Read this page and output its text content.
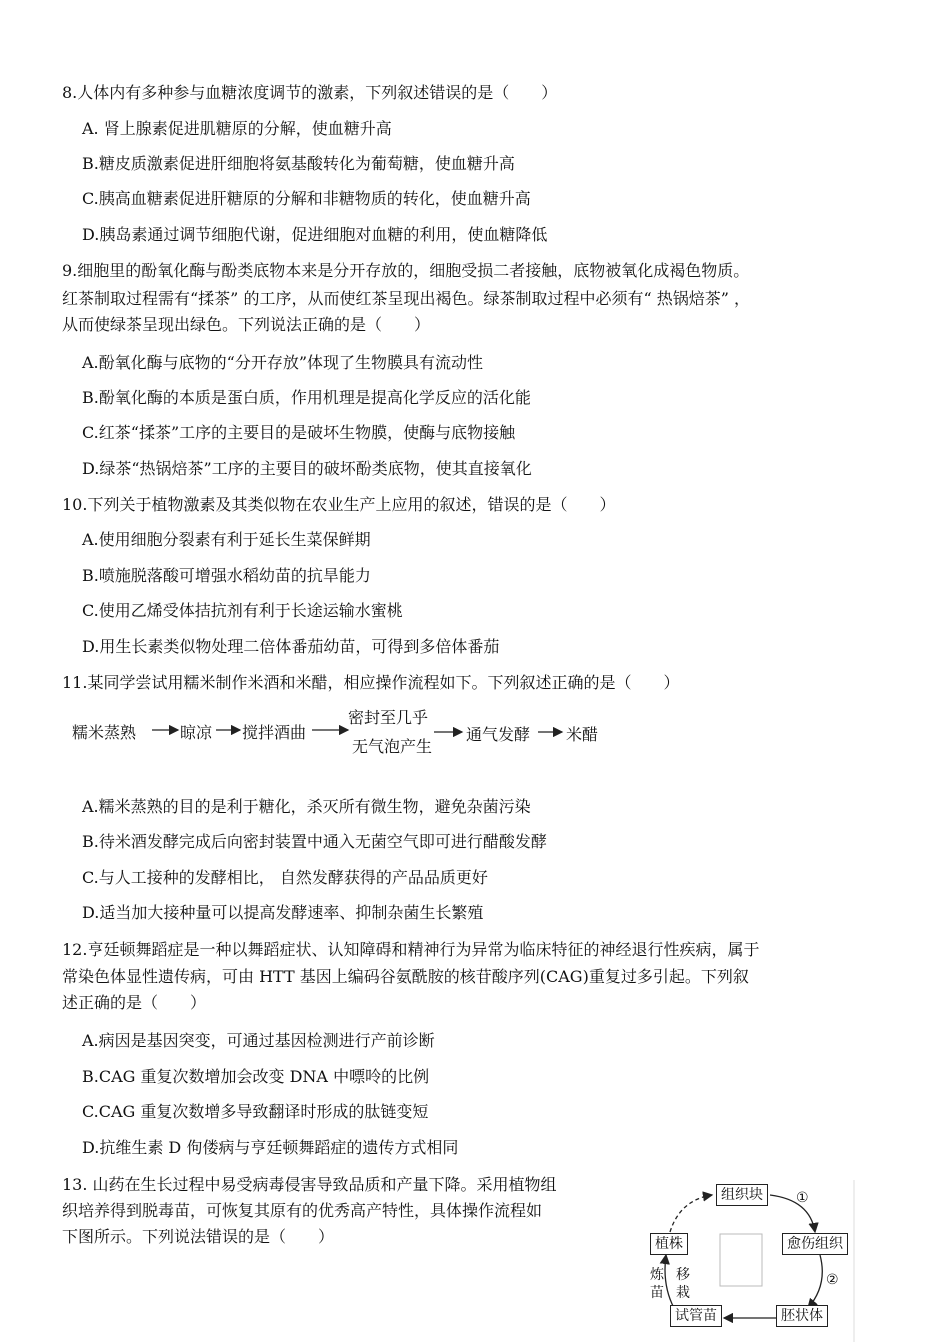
8.人体内有多种参与血糖浓度调节的激素，下列叙述错误的是（　　）
A. 肾上腺素促进肌糖原的分解，使血糖升高
B.糖皮质激素促进肝细胞将氨基酸转化为葡萄糖，使血糖升高
C.胰高血糖素促进肝糖原的分解和非糖物质的转化，使血糖升高
D.胰岛素通过调节细胞代谢，促进细胞对血糖的利用，使血糖降低
9.细胞里的酚氧化酶与酚类底物本来是分开存放的，细胞受损二者接触，底物被氧化成褐色物质。
红茶制取过程需有“揉茶” 的工序，从而使红茶呈现出褐色。绿茶制取过程中必须有“ 热锅焙茶” ，
从而使绿茶呈现出绿色。下列说法正确的是（　　）
A.酚氧化酶与底物的“分开存放”体现了生物膜具有流动性
B.酚氧化酶的本质是蛋白质，作用机理是提高化学反应的活化能
C.红茶“揉茶”工序的主要目的是破坏生物膜，使酶与底物接触
D.绿茶“热锅焙茶”工序的主要目的破坏酚类底物，使其直接氧化
10.下列关于植物激素及其类似物在农业生产上应用的叙述，错误的是（　　）
A.使用细胞分裂素有利于延长生菜保鲜期
B.喷施脱落酸可增强水稻幼苗的抗旱能力
C.使用乙烯受体拮抗剂有利于长途运输水蜜桃
D.用生长素类似物处理二倍体番茄幼苗，可得到多倍体番茄
11.某同学尝试用糯米制作米酒和米醋，相应操作流程如下。下列叙述正确的是（　　）
糯米蒸熟	晾凉 搅拌酒曲
密封至几乎
无气泡产生
通气发酵 米醋
A.糯米蒸熟的目的是利于糖化，杀灭所有微生物，避免杂菌污染
B.待米酒发酵完成后向密封装置中通入无菌空气即可进行醋酸发酵
C.与人工接种的发酵相比， 自然发酵获得的产品品质更好
D.适当加大接种量可以提高发酵速率、抑制杂菌生长繁殖
12.亨廷顿舞蹈症是一种以舞蹈症状、认知障碍和精神行为异常为临床特征的神经退行性疾病，属于
常染色体显性遗传病，可由 HTT 基因上编码谷氨酰胺的核苷酸序列(CAG)重复过多引起。下列叙
述正确的是（　　）
A.病因是基因突变，可通过基因检测进行产前诊断
B.CAG 重复次数增加会改变 DNA 中嘌呤的比例
C.CAG 重复次数增多导致翻译时形成的肽链变短
D.抗维生素 D 佝偻病与亨廷顿舞蹈症的遗传方式相同
13. 山药在生长过程中易受病毒侵害导致品质和产量下降。采用植物组
织培养得到脱毒苗，可恢复其原有的优秀高产特性，具体操作流程如
下图所示。下列说法错误的是（　　）
组织块
愈伤组织
胚状体
试管苗
植株
①
②
炼
苗
移
栽
